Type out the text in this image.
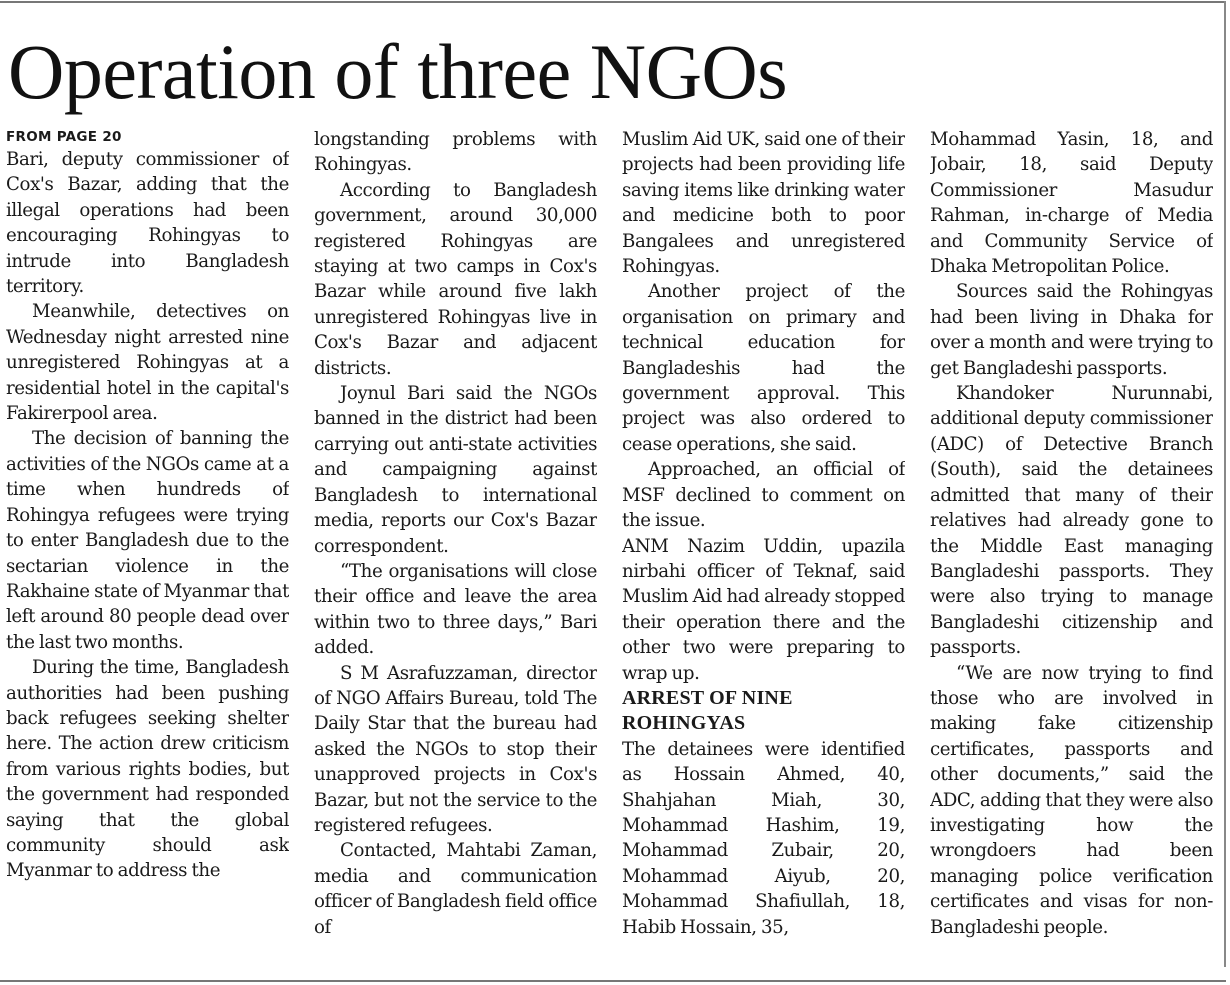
Operation of three NGOs
FROM PAGE 20

Bari, deputy commissioner of Cox's Bazar, adding that the illegal operations had been encouraging Rohingyas to intrude into Bangladesh territory.

Meanwhile, detectives on Wednesday night arrested nine unregistered Rohingyas at a residential hotel in the capital's Fakirerpool area.

The decision of banning the activities of the NGOs came at a time when hundreds of Rohingya refugees were trying to enter Bangladesh due to the sectarian violence in the Rakhaine state of Myanmar that left around 80 people dead over the last two months.

During the time, Bangladesh authorities had been pushing back refugees seeking shelter here. The action drew criticism from various rights bodies, but the government had responded saying that the global community should ask Myanmar to address the

longstanding problems with Rohingyas.

According to Bangladesh government, around 30,000 registered Rohingyas are staying at two camps in Cox's Bazar while around five lakh unregistered Rohingyas live in Cox's Bazar and adjacent districts.

Joynul Bari said the NGOs banned in the district had been carrying out anti-state activities and campaigning against Bangladesh to international media, reports our Cox's Bazar correspondent.

“The organisations will close their office and leave the area within two to three days,” Bari added.

S M Asrafuzzaman, director of NGO Affairs Bureau, told The Daily Star that the bureau had asked the NGOs to stop their unapproved projects in Cox's Bazar, but not the service to the registered refugees.

Contacted, Mahtabi Zaman, media and communication officer of Bangladesh field office of

Muslim Aid UK, said one of their projects had been providing life saving items like drinking water and medicine both to poor Bangalees and unregistered Rohingyas.

Another project of the organisation on primary and technical education for Bangladeshis had the government approval. This project was also ordered to cease operations, she said.

Approached, an official of MSF declined to comment on the issue.

ANM Nazim Uddin, upazila nirbahi officer of Teknaf, said Muslim Aid had already stopped their operation there and the other two were preparing to wrap up.

ARREST OF NINE ROHINGYAS

The detainees were identified as Hossain Ahmed, 40, Shahjahan Miah, 30, Mohammad Hashim, 19, Mohammad Zubair, 20, Mohammad Aiyub, 20, Mohammad Shafiullah, 18, Habib Hossain, 35,

Mohammad Yasin, 18, and Jobair, 18, said Deputy Commissioner Masudur Rahman, in-charge of Media and Community Service of Dhaka Metropolitan Police.

Sources said the Rohingyas had been living in Dhaka for over a month and were trying to get Bangladeshi passports.

Khandoker Nurunnabi, additional deputy commissioner (ADC) of Detective Branch (South), said the detainees admitted that many of their relatives had already gone to the Middle East managing Bangladeshi passports. They were also trying to manage Bangladeshi citizenship and passports.

“We are now trying to find those who are involved in making fake citizenship certificates, passports and other documents,” said the ADC, adding that they were also investigating how the wrongdoers had been managing police verification certificates and visas for non-Bangladeshi people.
